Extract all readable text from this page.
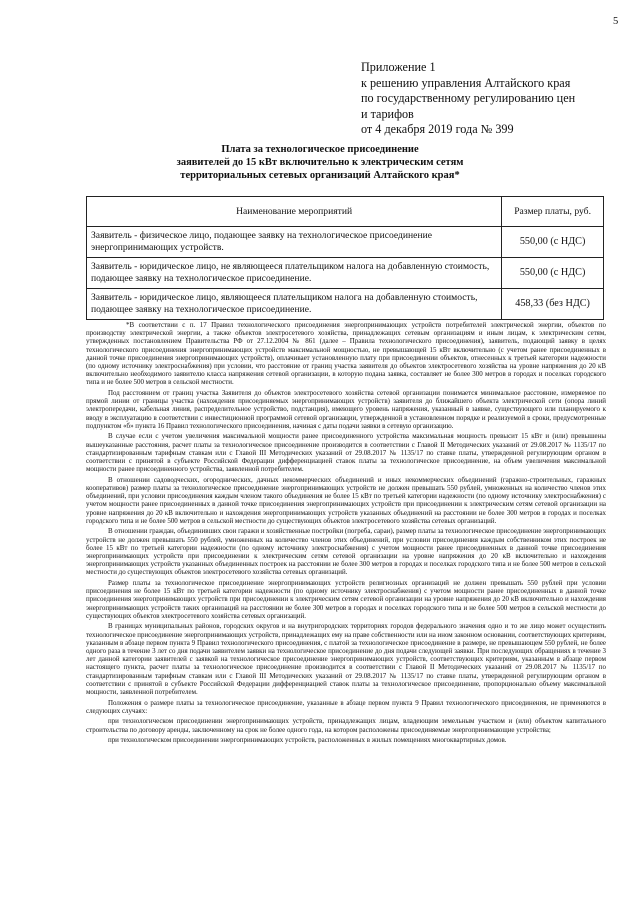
5
Приложение 1
к решению управления Алтайского края
по государственному регулированию цен
и тарифов
от 4 декабря 2019 года № 399
Плата за технологическое присоединение
заявителей до 15 кВт включительно к электрическим сетям
территориальных сетевых организаций Алтайского края*
Наименование мероприятий	Размер платы, руб.
Заявитель - физическое лицо, подающее заявку на технологическое присоединение энергопринимающих устройств.	550,00 (с НДС)
Заявитель - юридическое лицо, не являющееся плательщиком налога на добавленную стоимость, подающее заявку на технологическое присоединение.	550,00 (с НДС)
Заявитель - юридическое лицо, являющееся плательщиком налога на добавленную стоимость, подающее заявку на технологическое присоединение.	458,33 (без НДС)

*В соответствии с п. 17 Правил технологического присоединения энергопринимающих устройств потребителей электрической энергии, объектов по производству электрической энергии, а также объектов электросетевого хозяйства, принадлежащих сетевым организациям и иным лицам, к электрическим сетям, утвержденных постановлением Правительства РФ от 27.12.2004 № 861 (далее – Правила технологического присоединения), заявитель, подающий заявку в целях технологического присоединения энергопринимающих устройств максимальной мощностью, не превышающей 15 кВт включительно (с учетом ранее присоединенных в данной точке присоединения энергопринимающих устройств), оплачивает установленную плату при присоединении объектов, отнесенных к третьей категории надежности (по одному источнику электроснабжения) при условии, что расстояние от границ участка заявителя до объектов электросетевого хозяйства на уровне напряжения до 20 кВ включительно необходимого заявителю класса напряжения сетевой организации, в которую подана заявка, составляет не более 300 метров в городах и поселках городского типа и не более 500 метров в сельской местности.

Под расстоянием от границ участка Заявителя до объектов электросетевого хозяйства сетевой организации понимается минимальное расстояние, измеряемое по прямой линии от границы участка (нахождения присоединяемых энергопринимающих устройств) заявителя до ближайшего объекта электрической сети (опора линий электропередачи, кабельная линия, распределительное устройство, подстанция), имеющего уровень напряжения, указанный в заявке, существующего или планируемого к вводу в эксплуатацию в соответствии с инвестиционной программой сетевой организации, утвержденной в установленном порядке и реализуемой в сроки, предусмотренные подпунктом «б» пункта 16 Правил технологического присоединения, начиная с даты подачи заявки в сетевую организацию.

В случае если с учетом увеличения максимальной мощности ранее присоединенного устройства максимальная мощность превысит 15 кВт и (или) превышены вышеуказанные расстояния, расчет платы за технологическое присоединение производится в соответствии с Главой II Методических указаний от 29.08.2017 № 1135/17 по стандартизированным тарифным ставкам или с Главой III Методических указаний от 29.08.2017 № 1135/17 по ставке платы, утвержденной регулирующим органом в соответствии с принятой в субъекте Российской Федерации дифференциацией ставок платы за технологическое присоединение, на объем увеличения максимальной мощности ранее присоединенного устройства, заявленной потребителем.

В отношении садоводческих, огороднических, дачных некоммерческих объединений и иных некоммерческих объединений (гаражно-строительных, гаражных кооперативов) размер платы за технологическое присоединение энергопринимающих устройств не должен превышать 550 рублей, умноженных на количество членов этих объединений, при условии присоединения каждым членом такого объединения не более 15 кВт по третьей категории надежности (по одному источнику электроснабжения) с учетом мощности ранее присоединенных в данной точке присоединения энергопринимающих устройств при присоединении к электрическим сетям сетевой организации на уровне напряжения до 20 кВ включительно и нахождения энергопринимающих устройств указанных объединений на расстоянии не более 300 метров в городах и поселках городского типа и не более 500 метров в сельской местности до существующих объектов электросетевого хозяйства сетевых организаций.

В отношении граждан, объединивших свои гаражи и хозяйственные постройки (погреба, сараи), размер платы за технологическое присоединение энергопринимающих устройств не должен превышать 550 рублей, умноженных на количество членов этих объединений, при условии присоединения каждым собственником этих построек не более 15 кВт по третьей категории надежности (по одному источнику электроснабжения) с учетом мощности ранее присоединенных в данной точке присоединения энергопринимающих устройств при присоединении к электрическим сетям сетевой организации на уровне напряжения до 20 кВ включительно и нахождения энергопринимающих устройств указанных объединенных построек на расстоянии не более 300 метров в городах и поселках городского типа и не более 500 метров в сельской местности до существующих объектов электросетевого хозяйства сетевых организаций.

Размер платы за технологическое присоединение энергопринимающих устройств религиозных организаций не должен превышать 550 рублей при условии присоединения не более 15 кВт по третьей категории надежности (по одному источнику электроснабжения) с учетом мощности ранее присоединенных в данной точке присоединения энергопринимающих устройств при присоединении к электрическим сетям сетевой организации на уровне напряжения до 20 кВ включительно и нахождения энергопринимающих устройств таких организаций на расстоянии не более 300 метров в городах и поселках городского типа и не более 500 метров в сельской местности до существующих объектов электросетевого хозяйства сетевых организаций.

В границах муниципальных районов, городских округов и на внутригородских территориях городов федерального значения одно и то же лицо может осуществить технологическое присоединение энергопринимающих устройств, принадлежащих ему на праве собственности или на ином законном основании, соответствующих критериям, указанным в абзаце первом пункта 9 Правил технологического присоединения, с платой за технологическое присоединение в размере, не превышающем 550 рублей, не более одного раза в течение 3 лет со дня подачи заявителем заявки на технологическое присоединение до дня подачи следующей заявки. При последующих обращениях в течение 3 лет данной категории заявителей с заявкой на технологическое присоединение энергопринимающих устройств, соответствующих критериям, указанным в абзаце первом настоящего пункта, расчет платы за технологическое присоединение производится в соответствии с Главой II Методических указаний от 29.08.2017 № 1135/17 по стандартизированным тарифным ставкам или с Главой III Методических указаний от 29.08.2017 № 1135/17 по ставке платы, утвержденной регулирующим органом в соответствии с принятой в субъекте Российской Федерации дифференциацией ставок платы за технологическое присоединение, пропорционально объему максимальной мощности, заявленной потребителем.

Положения о размере платы за технологическое присоединение, указанные в абзаце первом пункта 9 Правил технологического присоединения, не применяются в следующих случаях:

при технологическом присоединении энергопринимающих устройств, принадлежащих лицам, владеющим земельным участком и (или) объектом капитального строительства по договору аренды, заключенному на срок не более одного года, на котором расположены присоединяемые энергопринимающие устройства;

при технологическом присоединении энергопринимающих устройств, расположенных в жилых помещениях многоквартирных домов.
